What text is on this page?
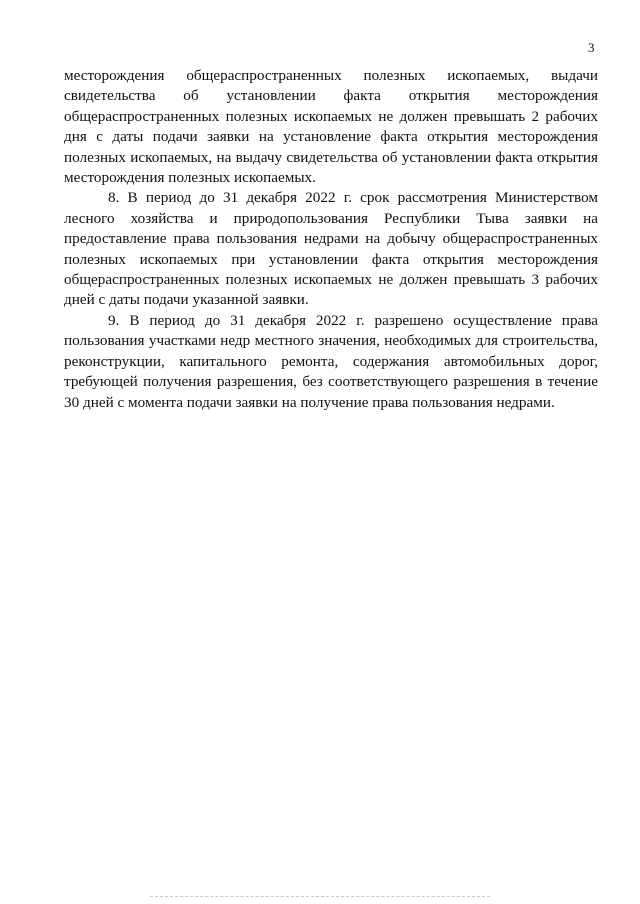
3

месторождения общераспространенных полезных ископаемых, выдачи свидетельства об установлении факта открытия месторождения общераспространенных полезных ископаемых не должен превышать 2 рабочих дня с даты подачи заявки на установление факта открытия месторождения полезных ископаемых, на выдачу свидетельства об установлении факта открытия месторождения полезных ископаемых.

8. В период до 31 декабря 2022 г. срок рассмотрения Министерством лесного хозяйства и природопользования Республики Тыва заявки на предоставление права пользования недрами на добычу общераспространенных полезных ископаемых при установлении факта открытия месторождения общераспространенных полезных ископаемых не должен превышать 3 рабочих дней с даты подачи указанной заявки.

9. В период до 31 декабря 2022 г. разрешено осуществление права пользования участками недр местного значения, необходимых для строительства, реконструкции, капитального ремонта, содержания автомобильных дорог, требующей получения разрешения, без соответствующего разрешения в течение 30 дней с момента подачи заявки на получение права пользования недрами.
